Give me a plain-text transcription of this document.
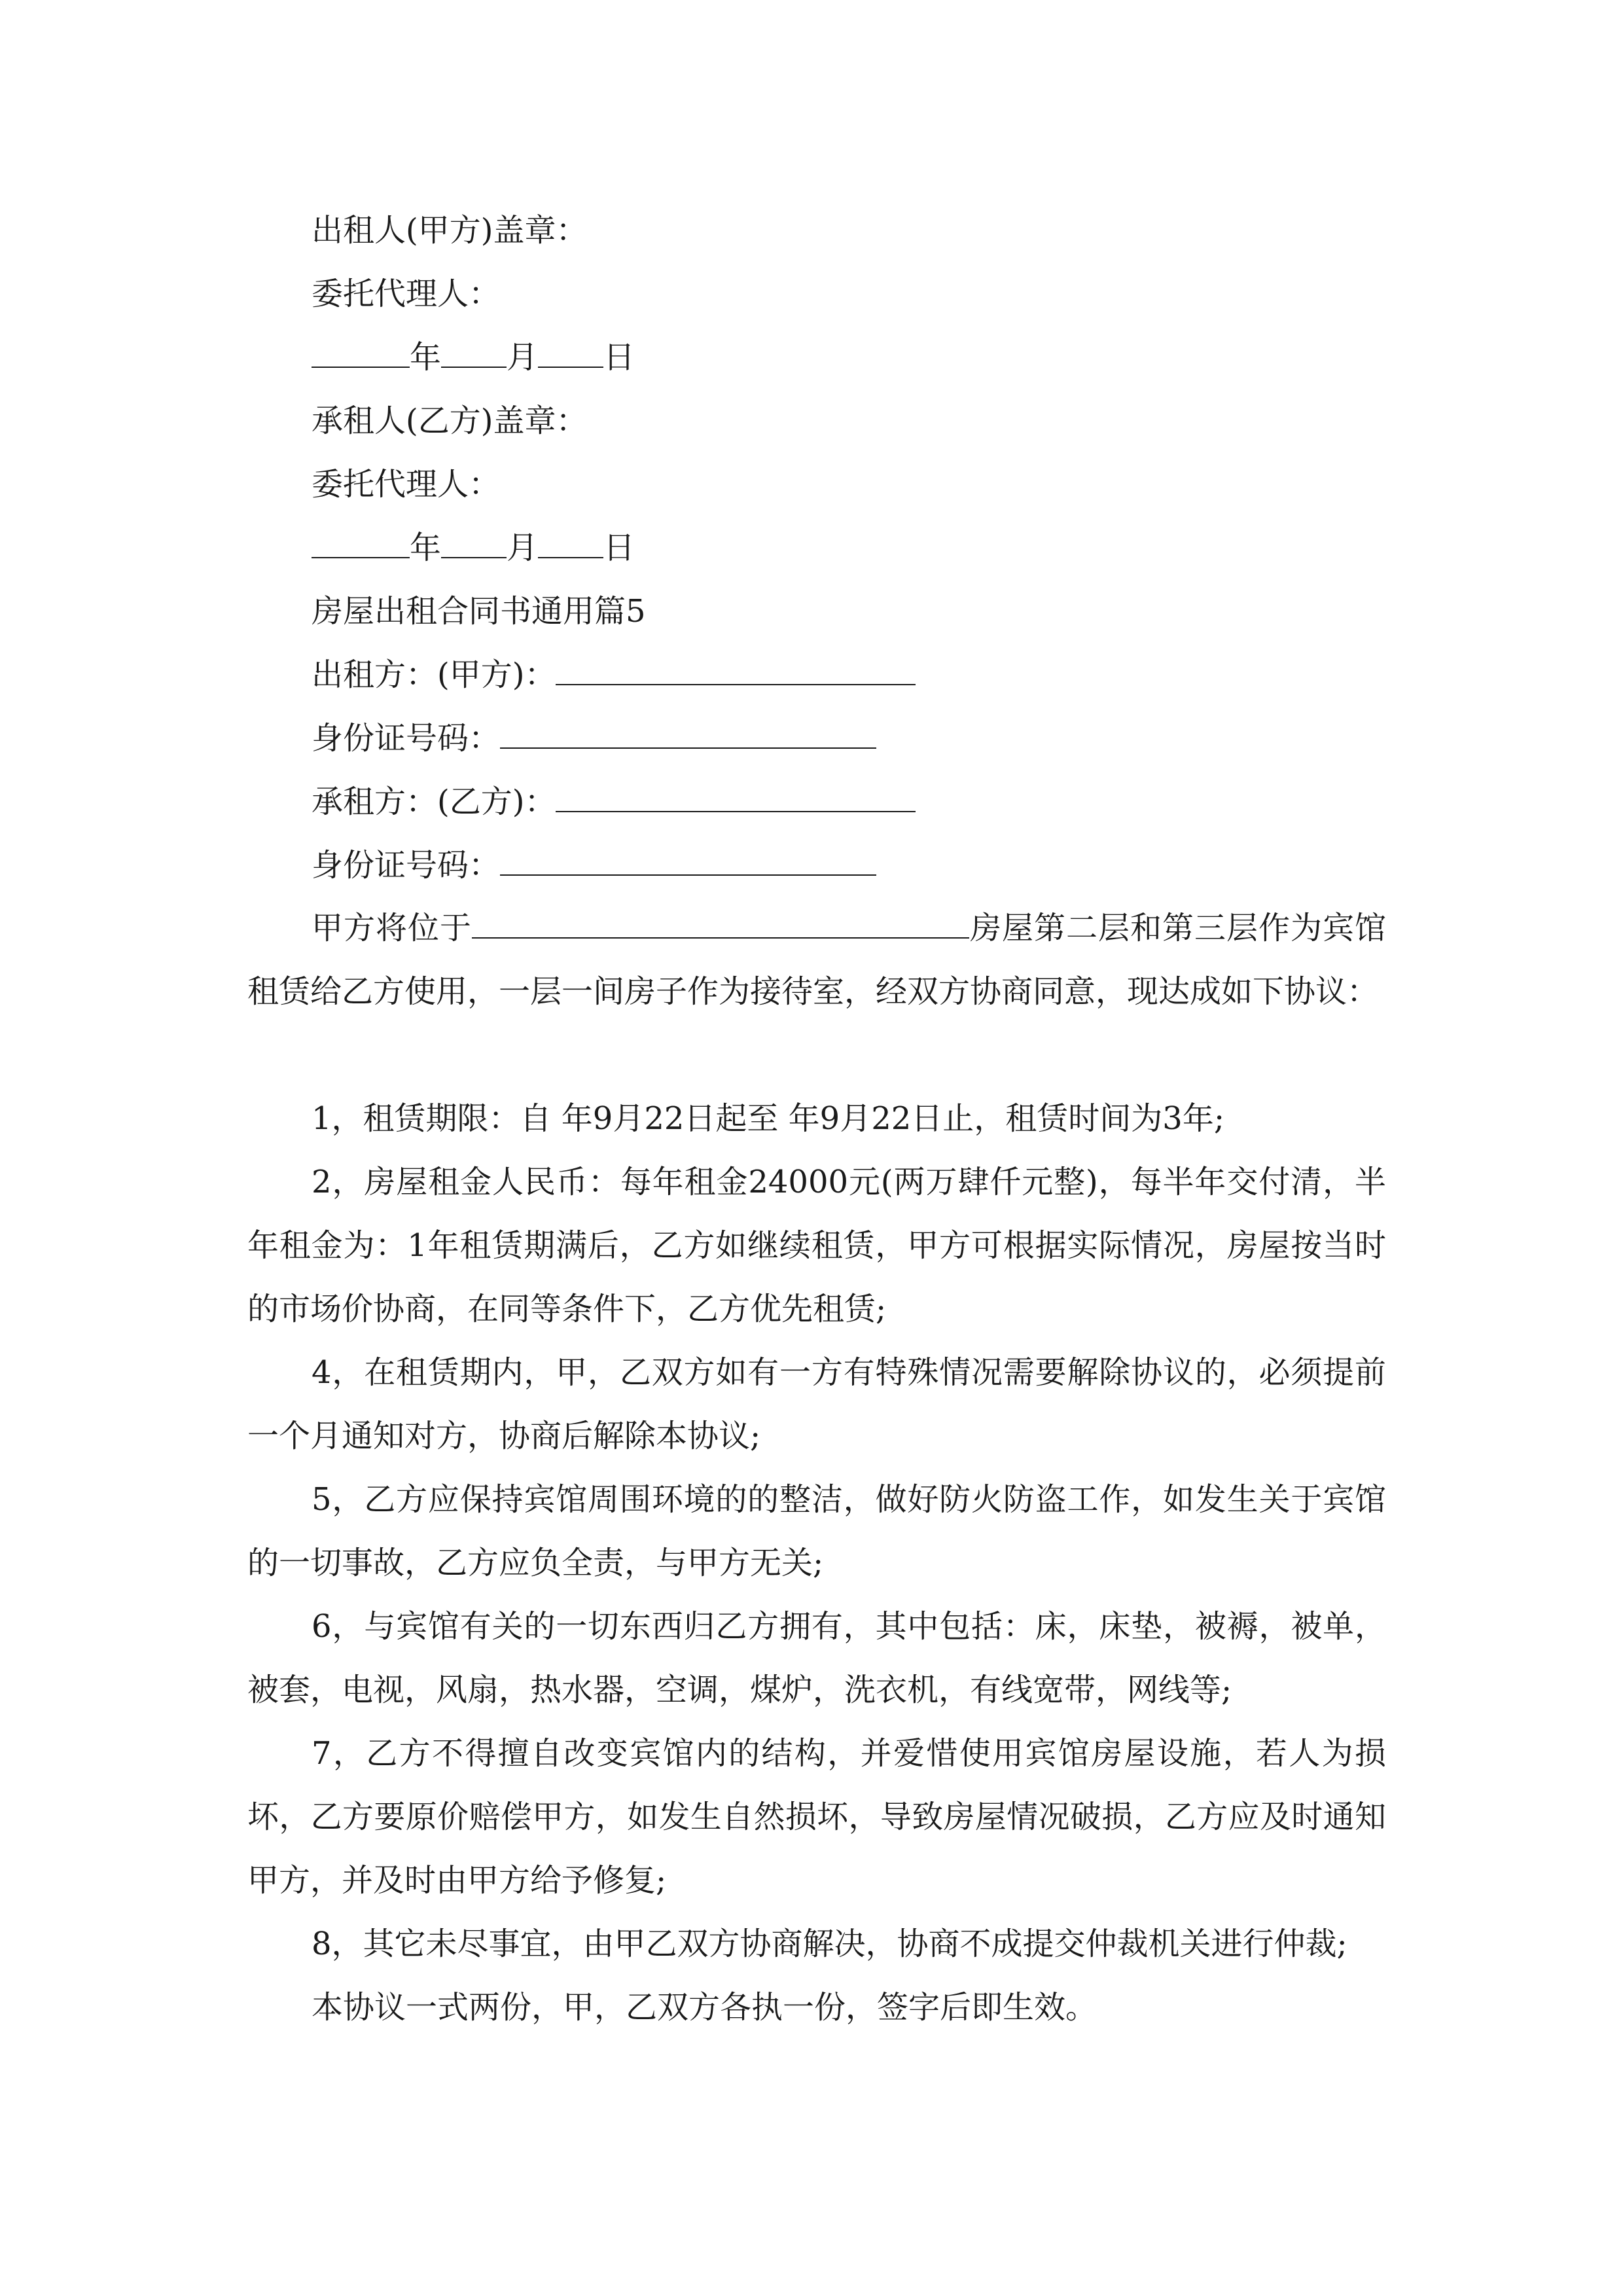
出租人(甲方)盖章：
委托代理人：
年 月 日
承租人(乙方)盖章：
委托代理人：
年 月 日
房屋出租合同书通用篇5
出租方：(甲方)：
身份证号码：
承租方：(乙方)：
身份证号码：
甲方将位于	房屋第二层和第三层作为宾馆租赁给乙方使用，一层一间房子作为接待室，经双方协商同意，现达成如下协议：
1，租赁期限：自 年9月22日起至 年9月22日止，租赁时间为3年;
2，房屋租金人民币：每年租金24000元(两万肆仟元整)，每半年交付清，半年租金为：1年租赁期满后，乙方如继续租赁，甲方可根据实际情况，房屋按当时的市场价协商，在同等条件下，乙方优先租赁;
4，在租赁期内，甲，乙双方如有一方有特殊情况需要解除协议的，必须提前一个月通知对方，协商后解除本协议;
5，乙方应保持宾馆周围环境的的整洁，做好防火防盗工作，如发生关于宾馆的一切事故，乙方应负全责，与甲方无关;
6，与宾馆有关的一切东西归乙方拥有，其中包括：床，床垫，被褥，被单，被套，电视，风扇，热水器，空调，煤炉，洗衣机，有线宽带，网线等;
7，乙方不得擅自改变宾馆内的结构，并爱惜使用宾馆房屋设施，若人为损坏，乙方要原价赔偿甲方，如发生自然损坏，导致房屋情况破损，乙方应及时通知甲方，并及时由甲方给予修复;
8，其它未尽事宜，由甲乙双方协商解决，协商不成提交仲裁机关进行仲裁;
本协议一式两份，甲，乙双方各执一份，签字后即生效。
